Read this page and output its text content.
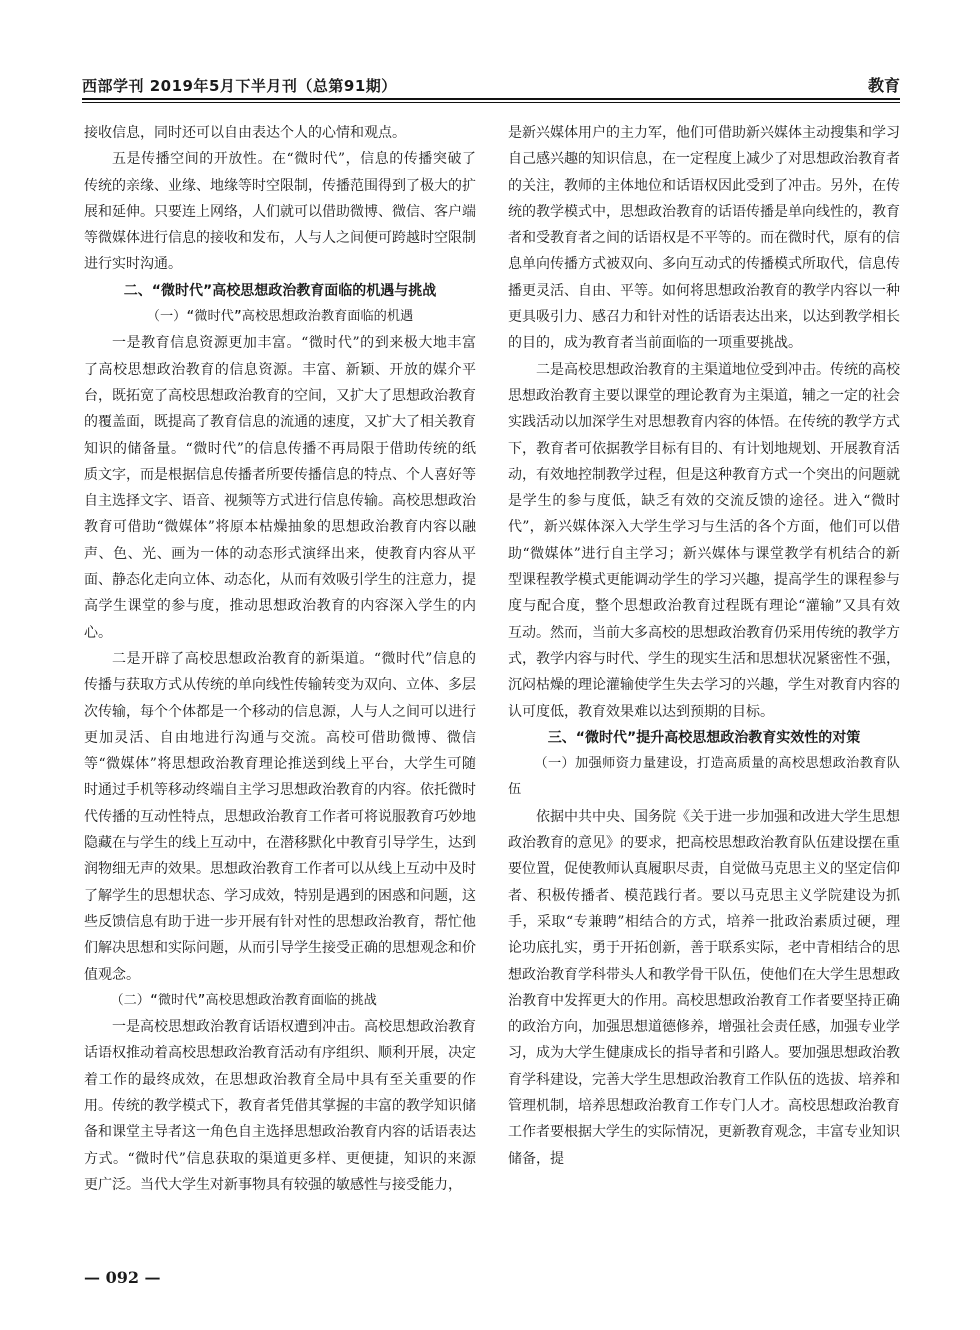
西部学刊 2019年5月下半月刊（总第91期）	教育

接收信息，同时还可以自由表达个人的心情和观点。

五是传播空间的开放性。在“微时代”，信息的传播突破了传统的亲缘、业缘、地缘等时空限制，传播范围得到了极大的扩展和延伸。只要连上网络，人们就可以借助微博、微信、客户端等微媒体进行信息的接收和发布，人与人之间便可跨越时空限制进行实时沟通。

二、“微时代”高校思想政治教育面临的机遇与挑战

（一）“微时代”高校思想政治教育面临的机遇

一是教育信息资源更加丰富。“微时代”的到来极大地丰富了高校思想政治教育的信息资源。丰富、新颖、开放的媒介平台，既拓宽了高校思想政治教育的空间，又扩大了思想政治教育的覆盖面，既提高了教育信息的流通的速度，又扩大了相关教育知识的储备量。“微时代”的信息传播不再局限于借助传统的纸质文字，而是根据信息传播者所要传播信息的特点、个人喜好等自主选择文字、语音、视频等方式进行信息传输。高校思想政治教育可借助“微媒体”将原本枯燥抽象的思想政治教育内容以融声、色、光、画为一体的动态形式演绎出来，使教育内容从平面、静态化走向立体、动态化，从而有效吸引学生的注意力，提高学生课堂的参与度，推动思想政治教育的内容深入学生的内心。

二是开辟了高校思想政治教育的新渠道。“微时代”信息的传播与获取方式从传统的单向线性传输转变为双向、立体、多层次传输，每个个体都是一个移动的信息源，人与人之间可以进行更加灵活、自由地进行沟通与交流。高校可借助微博、微信等“微媒体”将思想政治教育理论推送到线上平台，大学生可随时通过手机等移动终端自主学习思想政治教育的内容。依托微时代传播的互动性特点，思想政治教育工作者可将说服教育巧妙地隐藏在与学生的线上互动中，在潜移默化中教育引导学生，达到润物细无声的效果。思想政治教育工作者可以从线上互动中及时了解学生的思想状态、学习成效，特别是遇到的困惑和问题，这些反馈信息有助于进一步开展有针对性的思想政治教育，帮忙他们解决思想和实际问题，从而引导学生接受正确的思想观念和价值观念。

（二）“微时代”高校思想政治教育面临的挑战

一是高校思想政治教育话语权遭到冲击。高校思想政治教育话语权推动着高校思想政治教育活动有序组织、顺利开展，决定着工作的最终成效，在思想政治教育全局中具有至关重要的作用。传统的教学模式下，教育者凭借其掌握的丰富的教学知识储备和课堂主导者这一角色自主选择思想政治教育内容的话语表达方式。“微时代”信息获取的渠道更多样、更便捷，知识的来源更广泛。当代大学生对新事物具有较强的敏感性与接受能力，

是新兴媒体用户的主力军，他们可借助新兴媒体主动搜集和学习自己感兴趣的知识信息，在一定程度上减少了对思想政治教育者的关注，教师的主体地位和话语权因此受到了冲击。另外，在传统的教学模式中，思想政治教育的话语传播是单向线性的，教育者和受教育者之间的话语权是不平等的。而在微时代，原有的信息单向传播方式被双向、多向互动式的传播模式所取代，信息传播更灵活、自由、平等。如何将思想政治教育的教学内容以一种更具吸引力、感召力和针对性的话语表达出来，以达到教学相长的目的，成为教育者当前面临的一项重要挑战。

二是高校思想政治教育的主渠道地位受到冲击。传统的高校思想政治教育主要以课堂的理论教育为主渠道，辅之一定的社会实践活动以加深学生对思想教育内容的体悟。在传统的教学方式下，教育者可依据教学目标有目的、有计划地规划、开展教育活动，有效地控制教学过程，但是这种教育方式一个突出的问题就是学生的参与度低，缺乏有效的交流反馈的途径。进入“微时代”，新兴媒体深入大学生学习与生活的各个方面，他们可以借助“微媒体”进行自主学习；新兴媒体与课堂教学有机结合的新型课程教学模式更能调动学生的学习兴趣，提高学生的课程参与度与配合度，整个思想政治教育过程既有理论“灌输”又具有效互动。然而，当前大多高校的思想政治教育仍采用传统的教学方式，教学内容与时代、学生的现实生活和思想状况紧密性不强，沉闷枯燥的理论灌输使学生失去学习的兴趣，学生对教育内容的认可度低，教育效果难以达到预期的目标。

三、“微时代”提升高校思想政治教育实效性的对策

（一）加强师资力量建设，打造高质量的高校思想政治教育队伍

依据中共中央、国务院《关于进一步加强和改进大学生思想政治教育的意见》的要求，把高校思想政治教育队伍建设摆在重要位置，促使教师认真履职尽责，自觉做马克思主义的坚定信仰者、积极传播者、模范践行者。要以马克思主义学院建设为抓手，采取“专兼聘”相结合的方式，培养一批政治素质过硬，理论功底扎实，勇于开拓创新，善于联系实际，老中青相结合的思想政治教育学科带头人和教学骨干队伍，使他们在大学生思想政治教育中发挥更大的作用。高校思想政治教育工作者要坚持正确的政治方向，加强思想道德修养，增强社会责任感，加强专业学习，成为大学生健康成长的指导者和引路人。要加强思想政治教育学科建设，完善大学生思想政治教育工作队伍的选拔、培养和管理机制，培养思想政治教育工作专门人才。高校思想政治教育工作者要根据大学生的实际情况，更新教育观念，丰富专业知识储备，提

— 092 —
